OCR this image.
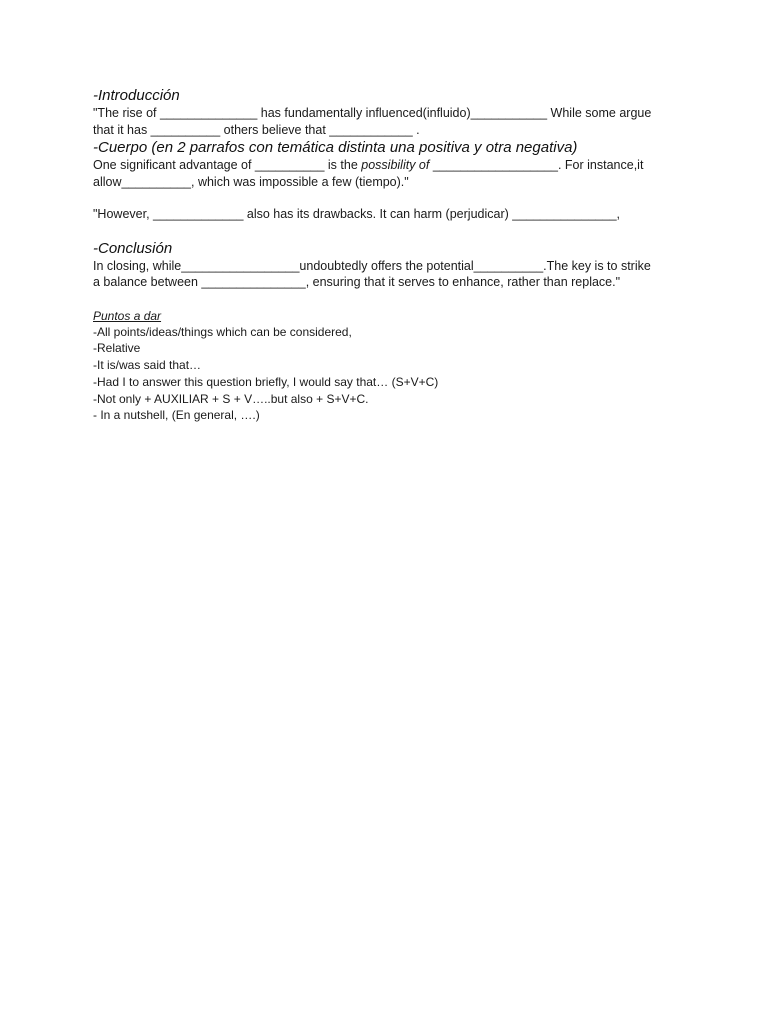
-Introducción

"The rise of ______________ has fundamentally influenced(influido)___________ While some argue

that it has __________ others believe that ____________ .

-Cuerpo (en 2 parrafos con temática distinta una positiva y otra negativa)

One significant advantage of __________ is the possibility of __________________. For instance,it

allow__________, which was impossible a few (tiempo)."

"However, _____________ also has its drawbacks. It can harm (perjudicar) _______________,

-Conclusión

In closing, while_________________undoubtedly offers the potential__________.The key is to strike

a balance between _______________, ensuring that it serves to enhance, rather than replace."

Puntos a dar

-All points/ideas/things which can be considered,
-Relative
-It is/was said that…
-Had I to answer this question briefly, I would say that… (S+V+C)
-Not only + AUXILIAR + S + V…..but also + S+V+C.
- In a nutshell, (En general, ….)
